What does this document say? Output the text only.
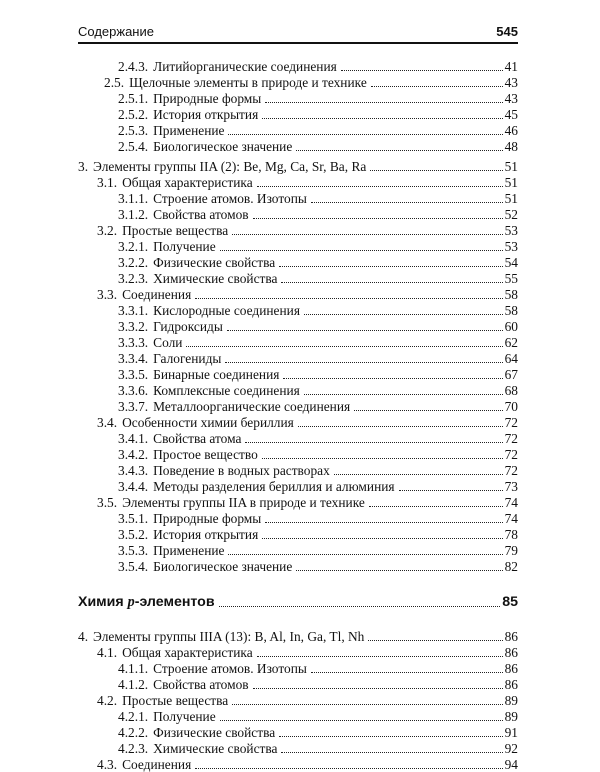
Содержание	545
2.4.3. Литийорганические соединения	41
2.5. Щелочные элементы в природе и технике	43
2.5.1. Природные формы	43
2.5.2. История открытия	45
2.5.3. Применение	46
2.5.4. Биологическое значение	48
3. Элементы группы IIA (2): Be, Mg, Ca, Sr, Ba, Ra	51
3.1. Общая характеристика	51
3.1.1. Строение атомов. Изотопы	51
3.1.2. Свойства атомов	52
3.2. Простые вещества	53
3.2.1. Получение	53
3.2.2. Физические свойства	54
3.2.3. Химические свойства	55
3.3. Соединения	58
3.3.1. Кислородные соединения	58
3.3.2. Гидроксиды	60
3.3.3. Соли	62
3.3.4. Галогениды	64
3.3.5. Бинарные соединения	67
3.3.6. Комплексные соединения	68
3.3.7. Металлоорганические соединения	70
3.4. Особенности химии бериллия	72
3.4.1. Свойства атома	72
3.4.2. Простое вещество	72
3.4.3. Поведение в водных растворах	72
3.4.4. Методы разделения бериллия и алюминия	73
3.5. Элементы группы IIA в природе и технике	74
3.5.1. Природные формы	74
3.5.2. История открытия	78
3.5.3. Применение	79
3.5.4. Биологическое значение	82
Химия p-элементов	85
4. Элементы группы IIIA (13): B, Al, In, Ga, Tl, Nh	86
4.1. Общая характеристика	86
4.1.1. Строение атомов. Изотопы	86
4.1.2. Свойства атомов	86
4.2. Простые вещества	89
4.2.1. Получение	89
4.2.2. Физические свойства	91
4.2.3. Химические свойства	92
4.3. Соединения	94
